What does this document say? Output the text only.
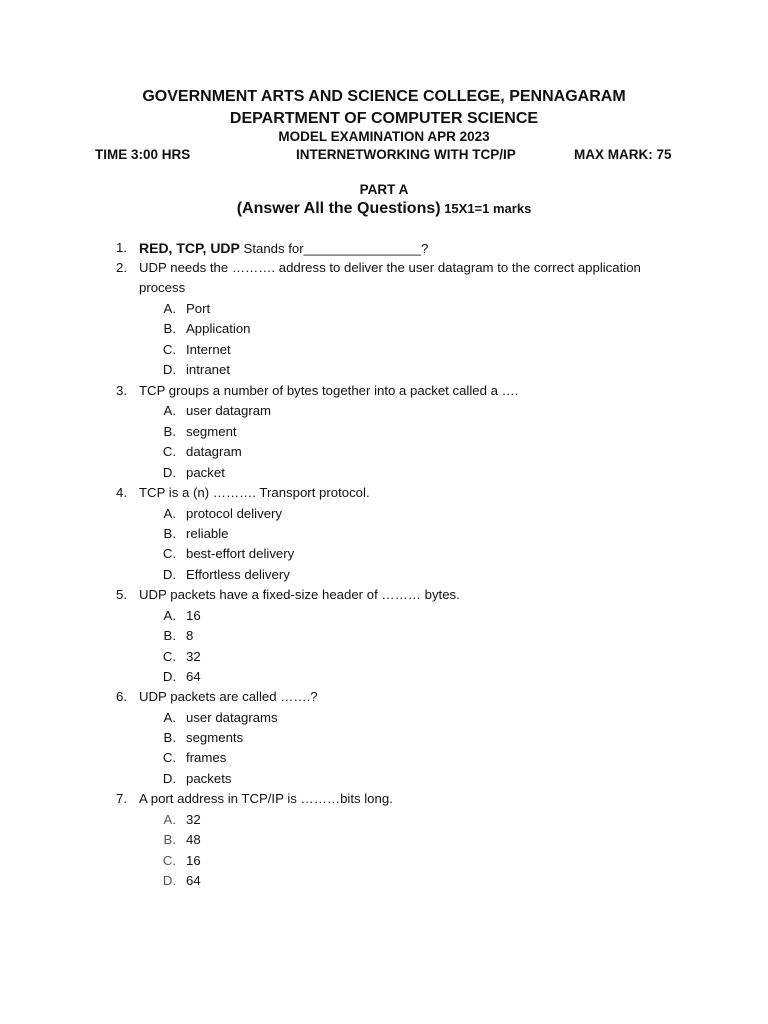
GOVERNMENT ARTS AND SCIENCE COLLEGE, PENNAGARAM
DEPARTMENT OF COMPUTER SCIENCE
MODEL EXAMINATION APR 2023
TIME 3:00 HRS	INTERNETWORKING WITH TCP/IP	MAX MARK: 75
PART A
(Answer All the Questions) 15X1=1 marks
1. RED, TCP, UDP Stands for________________?
2. UDP needs the ………. address to deliver the user datagram to the correct application
process
A. Port
B. Application
C. Internet
D. intranet
3. TCP groups a number of bytes together into a packet called a ….
A. user datagram
B. segment
C. datagram
D. packet
4. TCP is a (n) ………. Transport protocol.
A. protocol delivery
B. reliable
C. best-effort delivery
D. Effortless delivery
5. UDP packets have a fixed-size header of ……… bytes.
A. 16
B. 8
C. 32
D. 64
6. UDP packets are called …….?
A. user datagrams
B. segments
C. frames
D. packets
7. A port address in TCP/IP is ………bits long.
A. 32
B. 48
C. 16
D. 64
